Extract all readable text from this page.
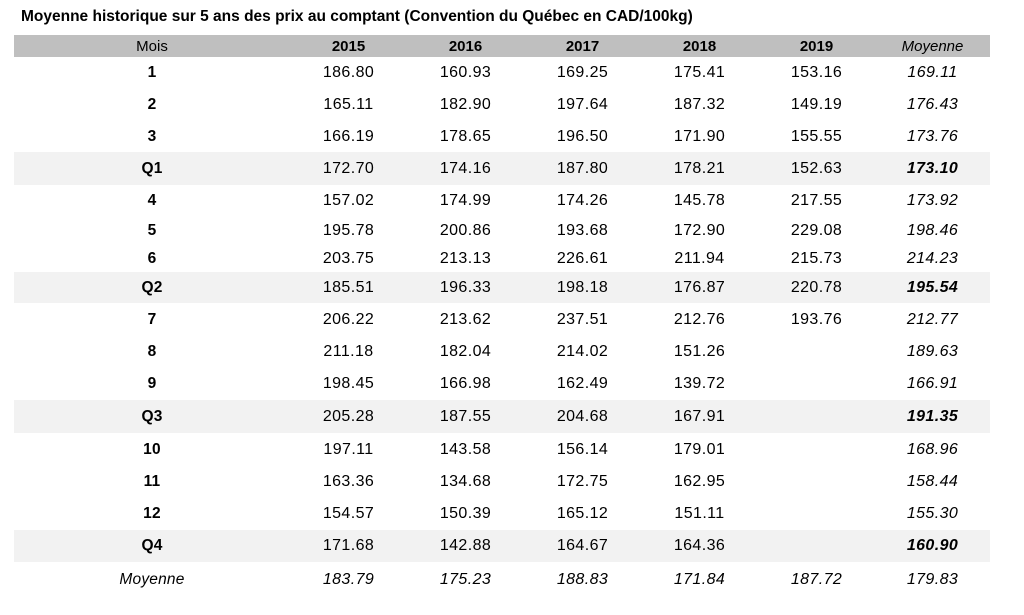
Moyenne historique sur 5 ans des prix au comptant (Convention du Québec en CAD/100kg)
Mois	2015	2016	2017	2018	2019	Moyenne
1	186.80	160.93	169.25	175.41	153.16	169.11
2	165.11	182.90	197.64	187.32	149.19	176.43
3	166.19	178.65	196.50	171.90	155.55	173.76
Q1	172.70	174.16	187.80	178.21	152.63	173.10
4	157.02	174.99	174.26	145.78	217.55	173.92
5	195.78	200.86	193.68	172.90	229.08	198.46
6	203.75	213.13	226.61	211.94	215.73	214.23
Q2	185.51	196.33	198.18	176.87	220.78	195.54
7	206.22	213.62	237.51	212.76	193.76	212.77
8	211.18	182.04	214.02	151.26		189.63
9	198.45	166.98	162.49	139.72		166.91
Q3	205.28	187.55	204.68	167.91		191.35
10	197.11	143.58	156.14	179.01		168.96
11	163.36	134.68	172.75	162.95		158.44
12	154.57	150.39	165.12	151.11		155.30
Q4	171.68	142.88	164.67	164.36		160.90
Moyenne	183.79	175.23	188.83	171.84	187.72	179.83
